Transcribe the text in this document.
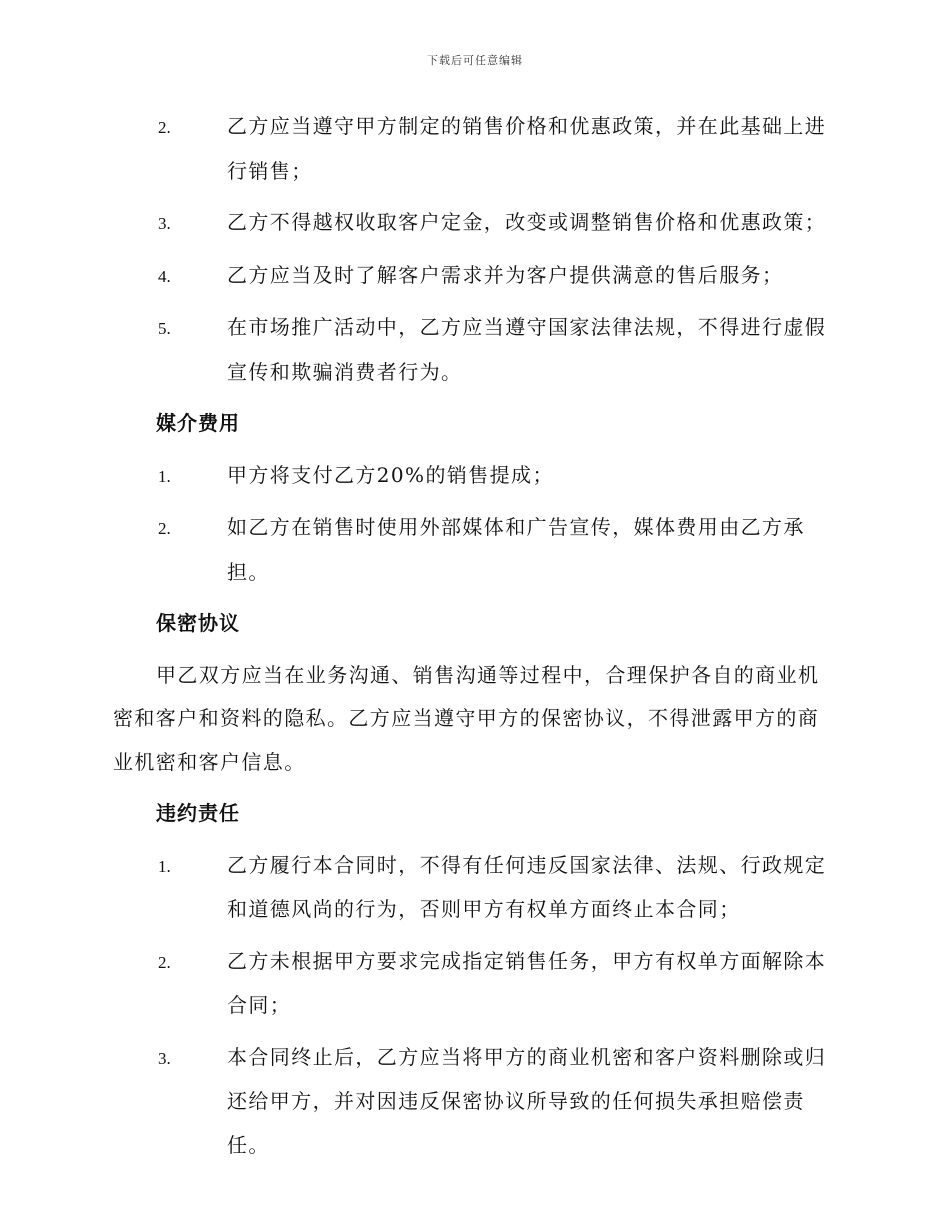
下载后可任意编辑

2.	乙方应当遵守甲方制定的销售价格和优惠政策，并在此基础上进行销售；

3.	乙方不得越权收取客户定金，改变或调整销售价格和优惠政策；

4.	乙方应当及时了解客户需求并为客户提供满意的售后服务；

5.	在市场推广活动中，乙方应当遵守国家法律法规，不得进行虚假宣传和欺骗消费者行为。

媒介费用

1.	甲方将支付乙方20%的销售提成；

2.	如乙方在销售时使用外部媒体和广告宣传，媒体费用由乙方承担。

保密协议

甲乙双方应当在业务沟通、销售沟通等过程中，合理保护各自的商业机密和客户和资料的隐私。乙方应当遵守甲方的保密协议，不得泄露甲方的商业机密和客户信息。

违约责任

1.	乙方履行本合同时，不得有任何违反国家法律、法规、行政规定和道德风尚的行为，否则甲方有权单方面终止本合同；

2.	乙方未根据甲方要求完成指定销售任务，甲方有权单方面解除本合同；

3.	本合同终止后，乙方应当将甲方的商业机密和客户资料删除或归还给甲方，并对因违反保密协议所导致的任何损失承担赔偿责任。
